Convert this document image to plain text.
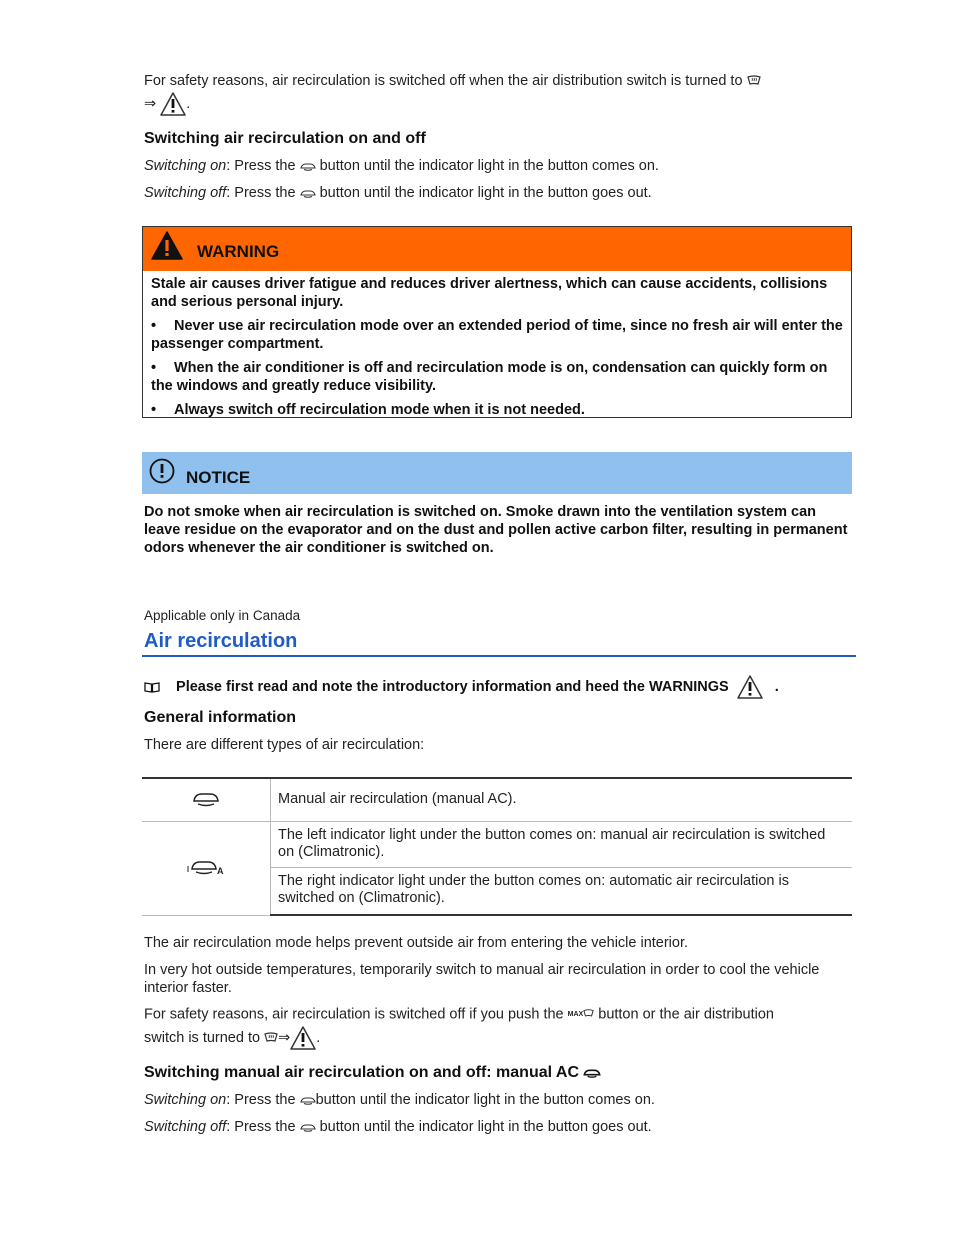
For safety reasons, air recirculation is switched off when the air distribution switch is turned to

⇒ .

Switching air recirculation on and off

Switching on: Press the button until the indicator light in the button comes on.

Switching off: Press the button until the indicator light in the button goes out.

WARNING
Stale air causes driver fatigue and reduces driver alertness, which can cause accidents, collisions and serious personal injury.
• Never use air recirculation mode over an extended period of time, since no fresh air will enter the passenger compartment.
• When the air conditioner is off and recirculation mode is on, condensation can quickly form on the windows and greatly reduce visibility.
• Always switch off recirculation mode when it is not needed.
NOTICE
Do not smoke when air recirculation is switched on. Smoke drawn into the ventilation system can leave residue on the evaporator and on the dust and pollen active carbon filter, resulting in permanent odors whenever the air conditioner is switched on.
Applicable only in Canada
Air recirculation
Please first read and note the introductory information and heed the WARNINGS	.
General information

There are different types of air recirculation:

	Manual air recirculation (manual AC).

A	The left indicator light under the button comes on: manual air recirculation is switched on (Climatronic).
	The right indicator light under the button comes on: automatic air recirculation is switched on (Climatronic).

The air recirculation mode helps prevent outside air from entering the vehicle interior.

In very hot outside temperatures, temporarily switch to manual air recirculation in order to cool the vehicle interior faster.

For safety reasons, air recirculation is switched off if you push the MAX button or the air distribution

switch is turned to ⇒ .

Switching manual air recirculation on and off: manual AC

Switching on: Press the button until the indicator light in the button comes on.

Switching off: Press the button until the indicator light in the button goes out.
